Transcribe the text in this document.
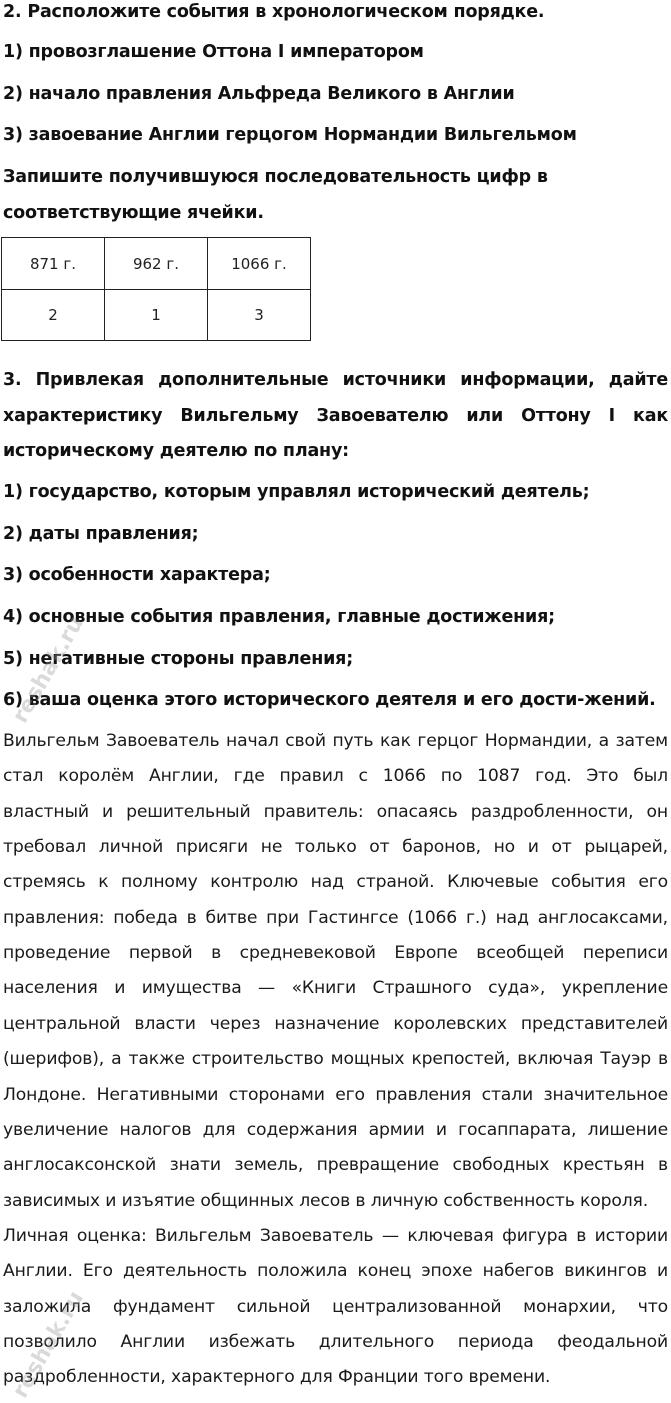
2. Расположите события в хронологическом порядке.
1) провозглашение Оттона I императором
2) начало правления Альфреда Великого в Англии
3) завоевание Англии герцогом Нормандии Вильгельмом
Запишите получившуюся последовательность цифр в
соответствующие ячейки.
871 г.	962 г.	1066 г.
2	1	3
3. Привлекая дополнительные источники информации, дайте
характеристику Вильгельму Завоевателю или Оттону I как
историческому деятелю по плану:
1) государство, которым управлял исторический деятель;
2) даты правления;
3) особенности характера;
4) основные события правления, главные достижения;
5) негативные стороны правления;
6) ваша оценка этого исторического деятеля и его дости-жений.
Вильгельм Завоеватель начал свой путь как герцог Нормандии, а затем
стал королём Англии, где правил с 1066 по 1087 год. Это был
властный и решительный правитель: опасаясь раздробленности, он
требовал личной присяги не только от баронов, но и от рыцарей,
стремясь к полному контролю над страной. Ключевые события его
правления: победа в битве при Гастингсе (1066 г.) над англосаксами,
проведение первой в средневековой Европе всеобщей переписи
населения и имущества — «Книги Страшного суда», укрепление
центральной власти через назначение королевских представителей
(шерифов), а также строительство мощных крепостей, включая Тауэр в
Лондоне. Негативными сторонами его правления стали значительное
увеличение налогов для содержания армии и госаппарата, лишение
англосаксонской знати земель, превращение свободных крестьян в
зависимых и изъятие общинных лесов в личную собственность короля.
Личная оценка: Вильгельм Завоеватель — ключевая фигура в истории
Англии. Его деятельность положила конец эпохе набегов викингов и
заложила фундамент сильной централизованной монархии, что
позволило Англии избежать длительного периода феодальной
раздробленности, характерного для Франции того времени.
reshak.ru
reshak.ru
